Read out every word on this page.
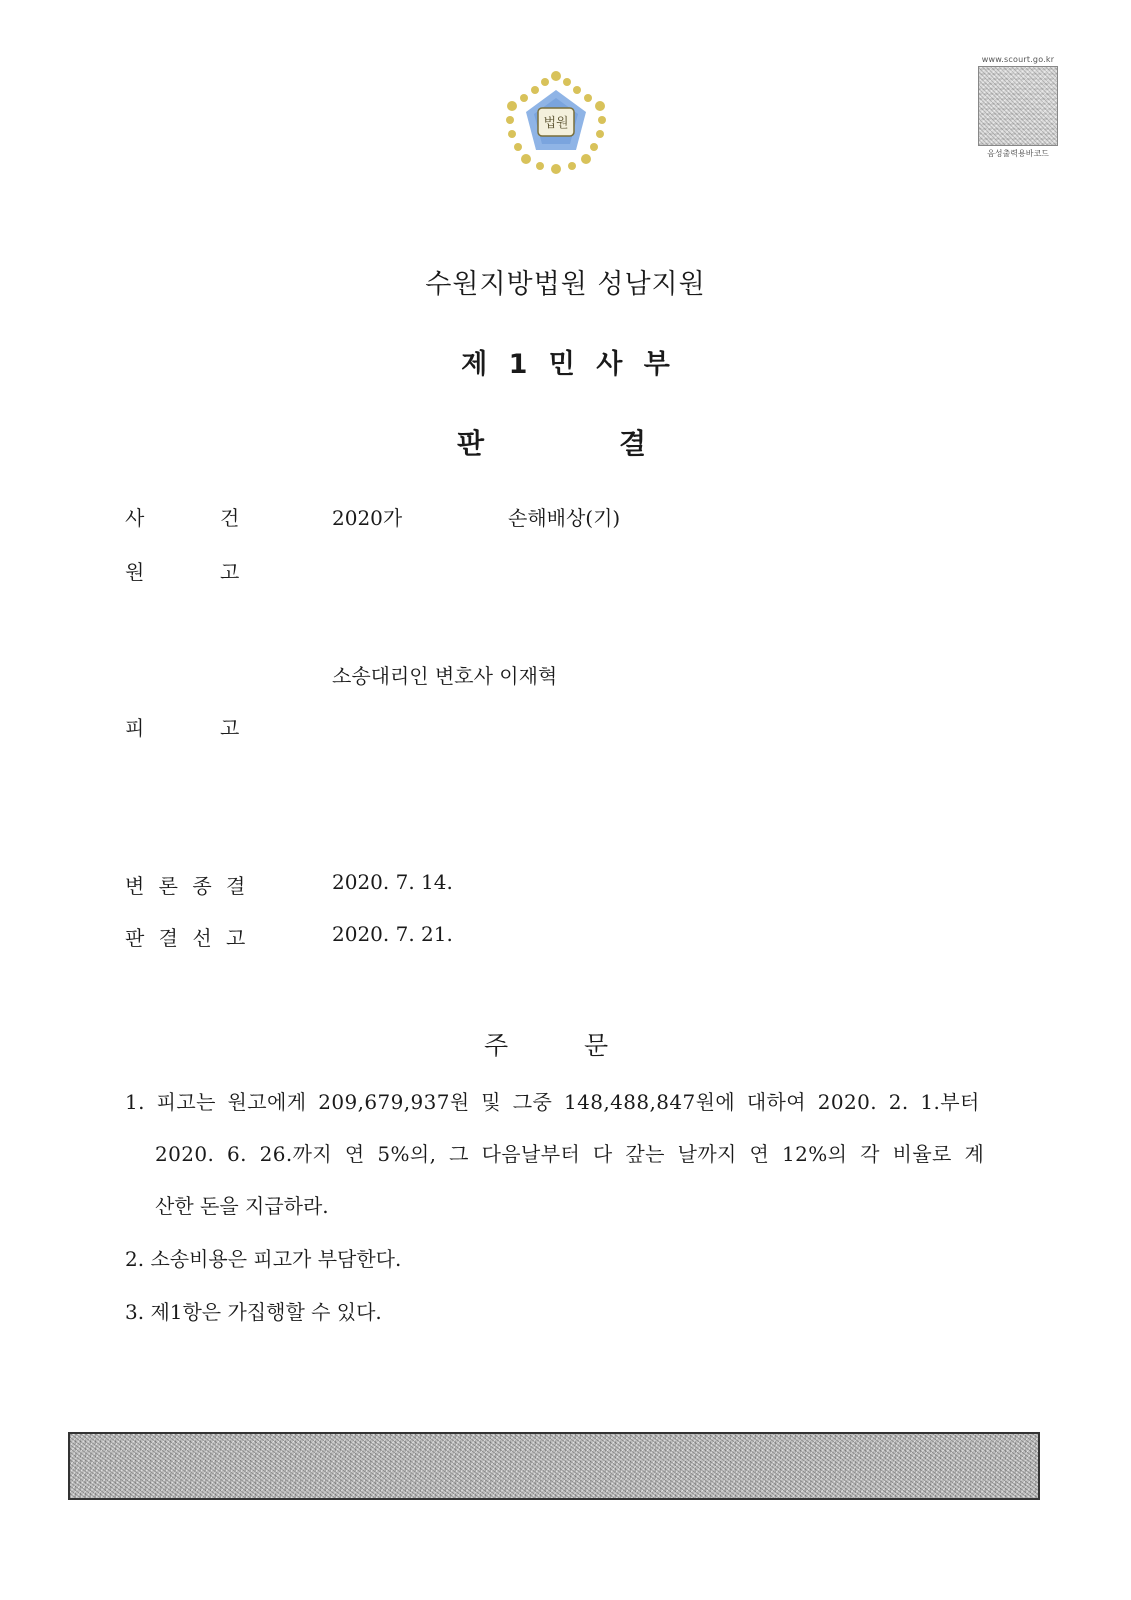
법원
www.scourt.go.kr
음성출력용바코드
수원지방법원 성남지원
제 1 민 사 부
판	결
사	건	2020가	손해배상(기)
원	고
소송대리인 변호사 이재혁
피	고
변 론 종 결	2020. 7. 14.
판 결 선 고	2020. 7. 21.
주	문
1. 피고는 원고에게 209,679,937원 및 그중 148,488,847원에 대하여 2020. 2. 1.부터
2020. 6. 26.까지 연 5%의, 그 다음날부터 다 갚는 날까지 연 12%의 각 비율로 계
산한 돈을 지급하라.
2. 소송비용은 피고가 부담한다.
3. 제1항은 가집행할 수 있다.
